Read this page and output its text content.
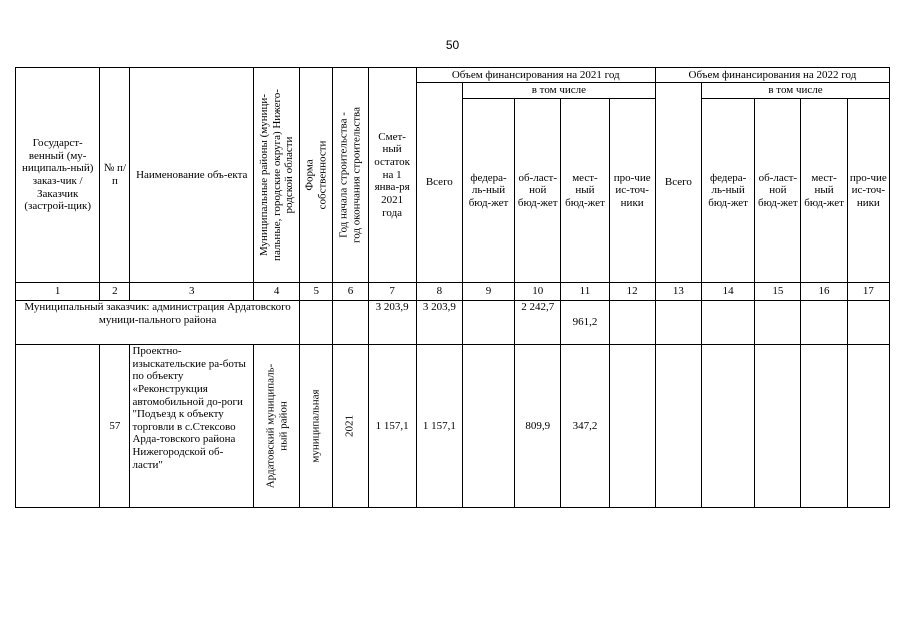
50
Государст-венный (му-ниципаль-ный) заказ-чик / Заказчик (застрой-щик)	№ п/п	Наименование объ-екта	Муниципальные районы (муници- пальные, городские округа) Нижего- родской области	Форма собственности	Год начала строительства - год окончания строительства	Смет-ный остаток на 1 янва-ря 2021 года	Объем финансирования на 2021 год					Объем финансирования на 2022 год				
							Всего	в том числе				Всего	в том числе			
								федера-ль-ный бюд-жет	об-ласт-ной бюд-жет	мест-ный бюд-жет	про-чие ис-точ-ники		федера-ль-ный бюд-жет	об-ласт-ной бюд-жет	мест-ный бюд-жет	про-чие ис-точ-ники
1	2	3	4	5	6	7	8	9	10	11	12	13	14	15	16	17
Муниципальный заказчик: администрация Ардатовского муници-пального района						3 203,9	3 203,9		2 242,7	961,2						
	57	Проектно-изыскательские ра-боты по объекту «Реконструкция автомобильной до-роги "Подъезд к объекту торговли в с.Стексово Арда-товского района Нижегородской об-ласти"	Ардатовский муниципаль- ный район	муниципальная	2021	1 157,1	1 157,1		809,9	347,2						
